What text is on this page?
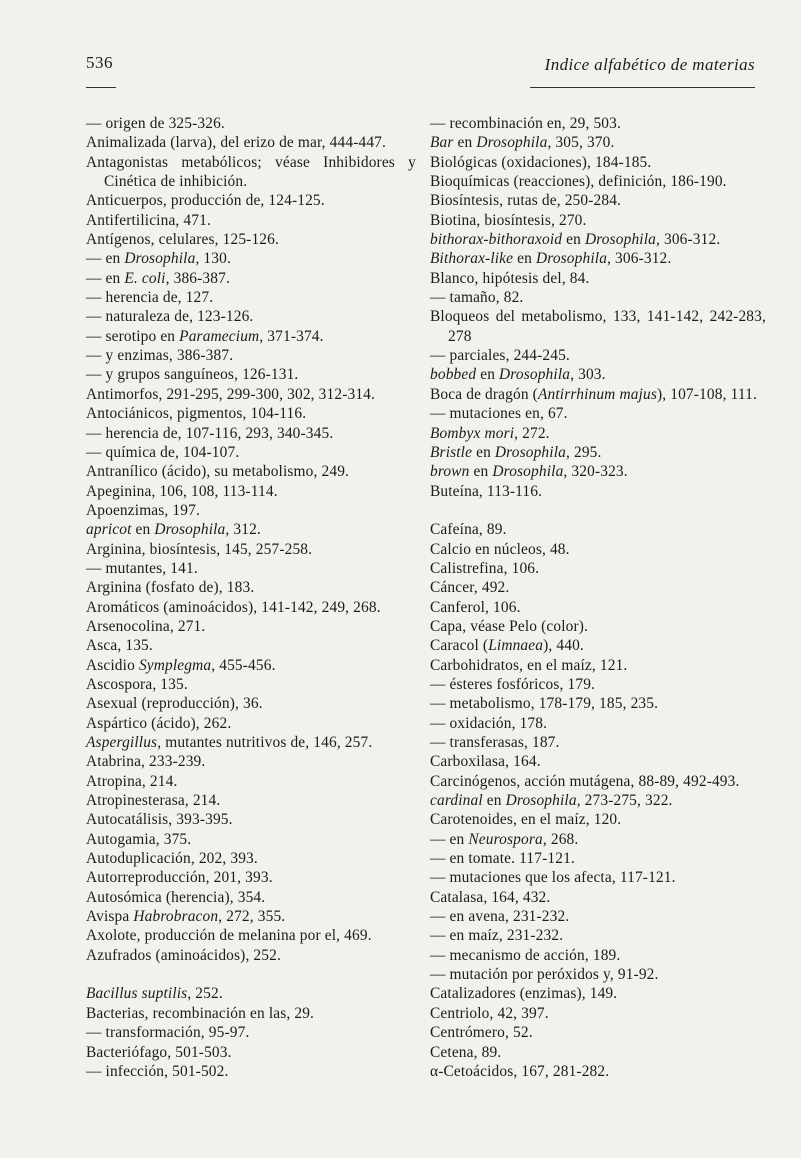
536	Indice alfabético de materias

— origen de 325-326.

Animalizada (larva), del erizo de mar, 444-447.

Antagonistas metabólicos; véase Inhibidores y Cinética de inhibición.

Anticuerpos, producción de, 124-125.

Antifertilicina, 471.

Antígenos, celulares, 125-126.

— en Drosophila, 130.

— en E. coli, 386-387.

— herencia de, 127.

— naturaleza de, 123-126.

— serotipo en Paramecium, 371-374.

— y enzimas, 386-387.

— y grupos sanguíneos, 126-131.

Antimorfos, 291-295, 299-300, 302, 312-314.

Antociánicos, pigmentos, 104-116.

— herencia de, 107-116, 293, 340-345.

— química de, 104-107.

Antranílico (ácido), su metabolismo, 249.

Apeginina, 106, 108, 113-114.

Apoenzimas, 197.

apricot en Drosophila, 312.

Arginina, biosíntesis, 145, 257-258.

— mutantes, 141.

Arginina (fosfato de), 183.

Aromáticos (aminoácidos), 141-142, 249, 268.

Arsenocolina, 271.

Asca, 135.

Ascidio Symplegma, 455-456.

Ascospora, 135.

Asexual (reproducción), 36.

Aspártico (ácido), 262.

Aspergillus, mutantes nutritivos de, 146, 257.

Atabrina, 233-239.

Atropina, 214.

Atropinesterasa, 214.

Autocatálisis, 393-395.

Autogamia, 375.

Autoduplicación, 202, 393.

Autorreproducción, 201, 393.

Autosómica (herencia), 354.

Avispa Habrobracon, 272, 355.

Axolote, producción de melanina por el, 469.

Azufrados (aminoácidos), 252.

Bacillus suptilis, 252.

Bacterias, recombinación en las, 29.

— transformación, 95-97.

Bacteriófago, 501-503.

— infección, 501-502.

— recombinación en, 29, 503.

Bar en Drosophila, 305, 370.

Biológicas (oxidaciones), 184-185.

Bioquímicas (reacciones), definición, 186-190.

Biosíntesis, rutas de, 250-284.

Biotina, biosíntesis, 270.

bithorax-bithoraxoid en Drosophila, 306-312.

Bithorax-like en Drosophila, 306-312.

Blanco, hipótesis del, 84.

— tamaño, 82.

Bloqueos del metabolismo, 133, 141-142, 242-283, 278

— parciales, 244-245.

bobbed en Drosophila, 303.

Boca de dragón (Antirrhinum majus), 107-108, 111.

— mutaciones en, 67.

Bombyx mori, 272.

Bristle en Drosophila, 295.

brown en Drosophila, 320-323.

Buteína, 113-116.

Cafeína, 89.

Calcio en núcleos, 48.

Calistrefina, 106.

Cáncer, 492.

Canferol, 106.

Capa, véase Pelo (color).

Caracol (Limnaea), 440.

Carbohidratos, en el maíz, 121.

— ésteres fosfóricos, 179.

— metabolismo, 178-179, 185, 235.

— oxidación, 178.

— transferasas, 187.

Carboxilasa, 164.

Carcinógenos, acción mutágena, 88-89, 492-493.

cardinal en Drosophila, 273-275, 322.

Carotenoides, en el maíz, 120.

— en Neurospora, 268.

— en tomate. 117-121.

— mutaciones que los afecta, 117-121.

Catalasa, 164, 432.

— en avena, 231-232.

— en maíz, 231-232.

— mecanismo de acción, 189.

— mutación por peróxidos y, 91-92.

Catalizadores (enzimas), 149.

Centriolo, 42, 397.

Centrómero, 52.

Cetena, 89.

α-Cetoácidos, 167, 281-282.
